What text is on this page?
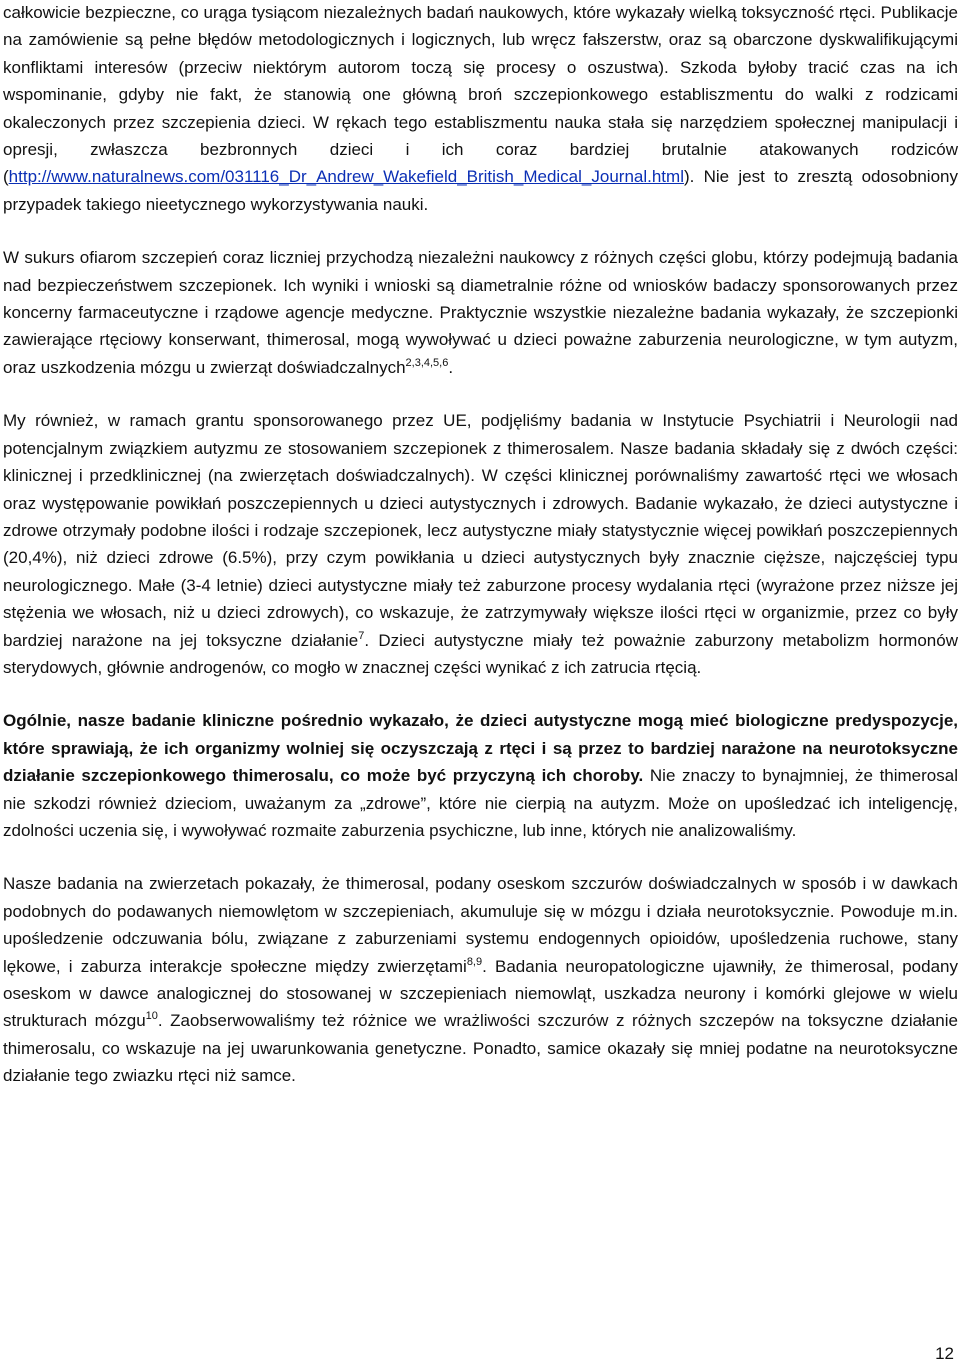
całkowicie bezpieczne, co urąga tysiącom niezależnych badań naukowych, które wykazały wielką toksyczność rtęci. Publikacje na zamówienie są pełne błędów metodologicznych i logicznych, lub wręcz fałszerstw, oraz są obarczone dyskwalifikującymi konfliktami interesów (przeciw niektórym autorom toczą się procesy o oszustwa). Szkoda byłoby tracić czas na ich wspominanie, gdyby nie fakt, że stanowią one główną broń szczepionkowego establiszmentu do walki z rodzicami okaleczonych przez szczepienia dzieci. W rękach tego establiszmentu nauka stała się narzędziem społecznej manipulacji i opresji, zwłaszcza bezbronnych dzieci i ich coraz bardziej brutalnie atakowanych rodziców (http://www.naturalnews.com/031116_Dr_Andrew_Wakefield_British_Medical_Journal.html). Nie jest to zresztą odosobniony przypadek takiego nieetycznego wykorzystywania nauki.

W sukurs ofiarom szczepień coraz liczniej przychodzą niezależni naukowcy z różnych części globu, którzy podejmują badania nad bezpieczeństwem szczepionek. Ich wyniki i wnioski są diametralnie różne od wniosków badaczy sponsorowanych przez koncerny farmaceutyczne i rządowe agencje medyczne. Praktycznie wszystkie niezależne badania wykazały, że szczepionki zawierające rtęciowy konserwant, thimerosal, mogą wywoływać u dzieci poważne zaburzenia neurologiczne, w tym autyzm, oraz uszkodzenia mózgu u zwierząt doświadczalnych$^{2,3,4,5,6}$.

My również, w ramach grantu sponsorowanego przez UE, podjęliśmy badania w Instytucie Psychiatrii i Neurologii nad potencjalnym związkiem autyzmu ze stosowaniem szczepionek z thimerosalem. Nasze badania składały się z dwóch części: klinicznej i przedklinicznej (na zwierzętach doświadczalnych). W części klinicznej porównaliśmy zawartość rtęci we włosach oraz występowanie powikłań poszczepiennych u dzieci autystycznych i zdrowych. Badanie wykazało, że dzieci autystyczne i zdrowe otrzymały podobne ilości i rodzaje szczepionek, lecz autystyczne miały statystycznie więcej powikłań poszczepiennych (20,4%), niż dzieci zdrowe (6.5%), przy czym powikłania u dzieci autystycznych były znacznie cięższe, najczęściej typu neurologicznego. Małe (3-4 letnie) dzieci autystyczne miały też zaburzone procesy wydalania rtęci (wyrażone przez niższe jej stężenia we włosach, niż u dzieci zdrowych), co wskazuje, że zatrzymywały większe ilości rtęci w organizmie, przez co były bardziej narażone na jej toksyczne działanie$^7$. Dzieci autystyczne miały też poważnie zaburzony metabolizm hormonów sterydowych, głównie androgenów, co mogło w znacznej części wynikać z ich zatrucia rtęcią.

Ogólnie, nasze badanie kliniczne pośrednio wykazało, że dzieci autystyczne mogą mieć biologiczne predyspozycje, które sprawiają, że ich organizmy wolniej się oczyszczają z rtęci i są przez to bardziej narażone na neurotoksyczne działanie szczepionkowego thimerosalu, co może być przyczyną ich choroby. Nie znaczy to bynajmniej, że thimerosal nie szkodzi również dzieciom, uważanym za „zdrowe”, które nie cierpią na autyzm. Może on upośledzać ich inteligencję, zdolności uczenia się, i wywoływać rozmaite zaburzenia psychiczne, lub inne, których nie analizowaliśmy.

Nasze badania na zwierzetach pokazały, że thimerosal, podany oseskom szczurów doświadczalnych w sposób i w dawkach podobnych do podawanych niemowlętom w szczepieniach, akumuluje się w mózgu i działa neurotoksycznie. Powoduje m.in. upośledzenie odczuwania bólu, związane z zaburzeniami systemu endogennych opioidów, upośledzenia ruchowe, stany lękowe, i zaburza interakcje społeczne między zwierzętami$^{8,9}$. Badania neuropatologiczne ujawniły, że thimerosal, podany oseskom w dawce analogicznej do stosowanej w szczepieniach niemowląt, uszkadza neurony i komórki glejowe w wielu strukturach mózgu$^{10}$. Zaobserwowaliśmy też różnice we wrażliwości szczurów z różnych szczepów na toksyczne działanie thimerosalu, co wskazuje na jej uwarunkowania genetyczne. Ponadto, samice okazały się mniej podatne na neurotoksyczne działanie tego zwiazku rtęci niż samce.

12
